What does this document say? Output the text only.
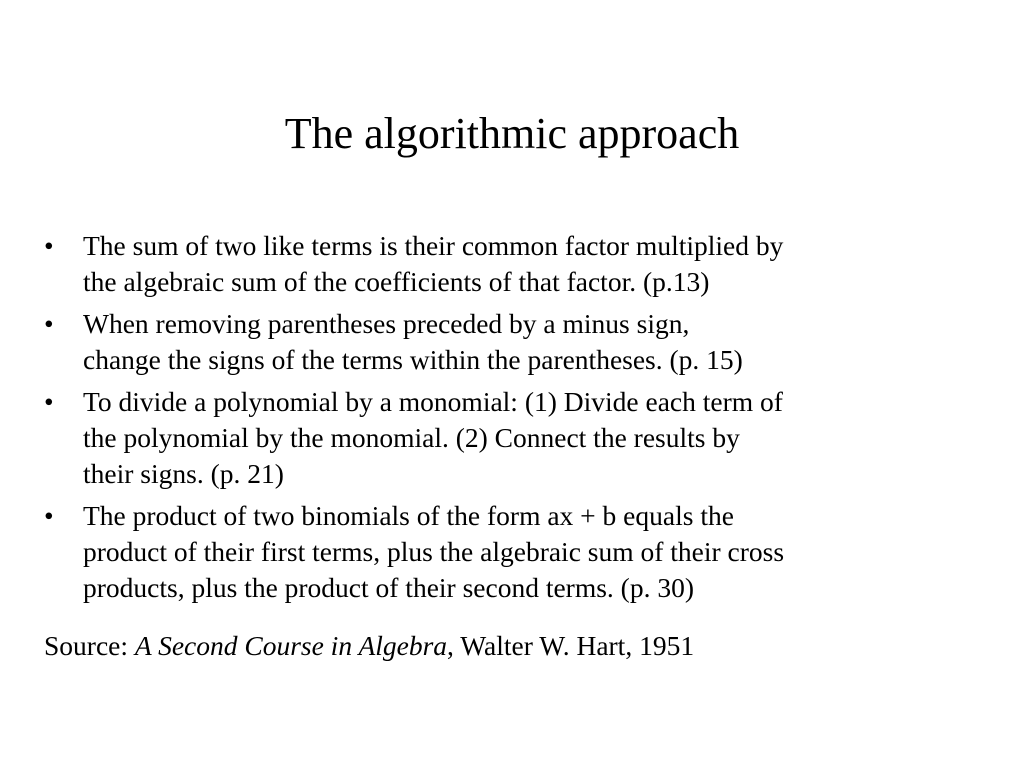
The algorithmic approach
•	The sum of two like terms is their common factor multiplied by
the algebraic sum of the coefficients of that factor. (p.13)
•	When removing parentheses preceded by a minus sign,
change the signs of the terms within the parentheses. (p. 15)
•	To divide a polynomial by a monomial: (1) Divide each term of
the polynomial by the monomial. (2) Connect the results by
their signs. (p. 21)
•	The product of two binomials of the form ax + b equals the
product of their first terms, plus the algebraic sum of their cross
products, plus the product of their second terms. (p. 30)

Source: A Second Course in Algebra, Walter W. Hart, 1951
